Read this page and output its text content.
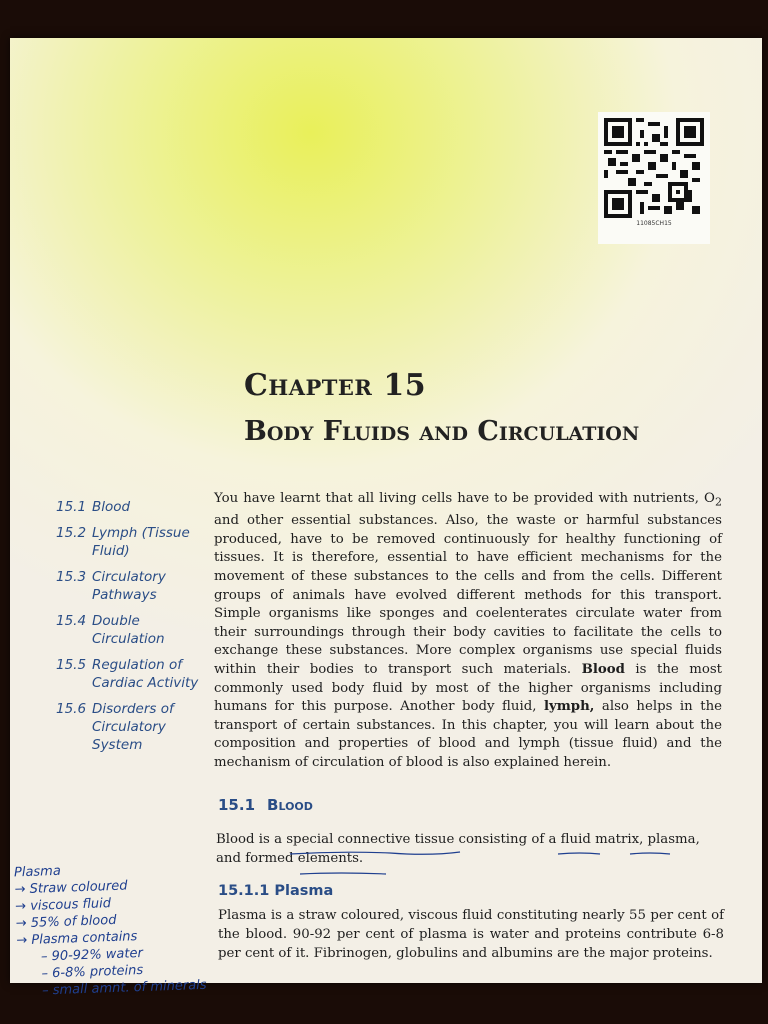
11085CH15
Chapter 15
Body Fluids and Circulation
15.1 Blood
15.2 Lymph (Tissue Fluid)
15.3 Circulatory Pathways
15.4 Double Circulation
15.5 Regulation of Cardiac Activity
15.6 Disorders of Circulatory System
You have learnt that all living cells have to be provided with nutrients, $O_2$ and other essential substances. Also, the waste or harmful substances produced, have to be removed continuously for healthy functioning of tissues. It is therefore, essential to have efficient mechanisms for the movement of these substances to the cells and from the cells. Different groups of animals have evolved different methods for this transport. Simple organisms like sponges and coelenterates circulate water from their surroundings through their body cavities to facilitate the cells to exchange these substances. More complex organisms use special fluids within their bodies to transport such materials. Blood is the most commonly used body fluid by most of the higher organisms including humans for this purpose. Another body fluid, lymph, also helps in the transport of certain substances. In this chapter, you will learn about the composition and properties of blood and lymph (tissue fluid) and the mechanism of circulation of blood is also explained herein.
15.1 Blood
Blood is a special connective tissue consisting of a fluid matrix, plasma, and formed elements.
15.1.1 Plasma
Plasma is a straw coloured, viscous fluid constituting nearly 55 per cent of the blood. 90-92 per cent of plasma is water and proteins contribute 6-8 per cent of it. Fibrinogen, globulins and albumins are the major proteins.
Plasma
→ Straw coloured
→ viscous fluid
→ 55% of blood
→ Plasma contains
– 90-92% water
– 6-8% proteins
– small amnt. of minerals
